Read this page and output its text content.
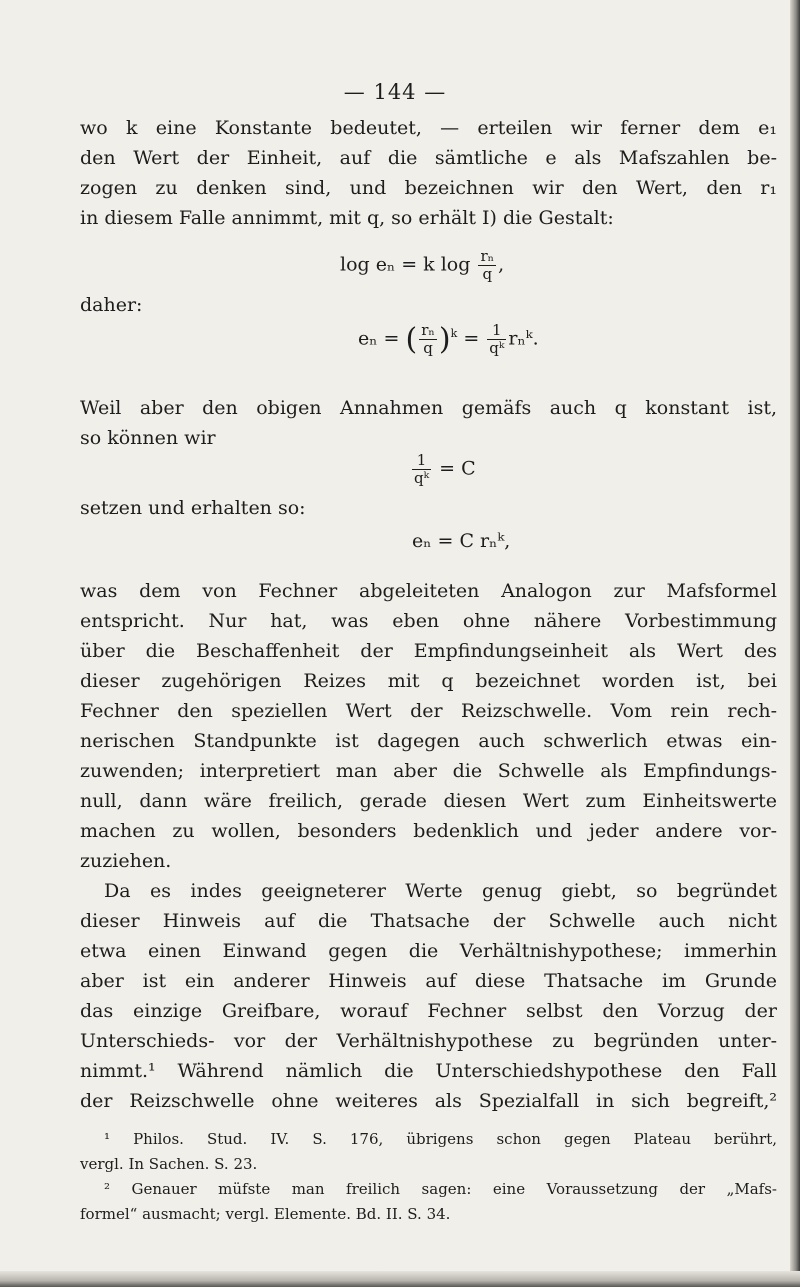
— 144 —

wo k eine Konstante bedeutet, — erteilen wir ferner dem e₁

den Wert der Einheit, auf die sämtliche e als Mafszahlen be-

zogen zu denken sind, und bezeichnen wir den Wert, den r₁

in diesem Falle annimmt, mit q, so erhält I) die Gestalt:

log eₙ = k $\log \frac{\text{rₙ}}{q}$ ,
daher:
eₙ = ( $\frac{\text{rₙ}}{q} )^k = \frac{1}{\text{qᵏ}}$ rₙᵏ.

Weil aber den obigen Annahmen gemäfs auch q konstant ist,

so können wir

$\frac{1}{\text{qᵏ}} = C$
setzen und erhalten so:
eₙ = C rₙᵏ,

was dem von Fechner abgeleiteten Analogon zur Mafsformel

entspricht. Nur hat, was eben ohne nähere Vorbestimmung

über die Beschaffenheit der Empfindungseinheit als Wert des

dieser zugehörigen Reizes mit q bezeichnet worden ist, bei

Fechner den speziellen Wert der Reizschwelle. Vom rein rech-

nerischen Standpunkte ist dagegen auch schwerlich etwas ein-

zuwenden; interpretiert man aber die Schwelle als Empfindungs-

null, dann wäre freilich, gerade diesen Wert zum Einheitswerte

machen zu wollen, besonders bedenklich und jeder andere vor-

zuziehen.

Da es indes geeigneterer Werte genug giebt, so begründet

dieser Hinweis auf die Thatsache der Schwelle auch nicht

etwa einen Einwand gegen die Verhältnishypothese; immerhin

aber ist ein anderer Hinweis auf diese Thatsache im Grunde

das einzige Greifbare, worauf Fechner selbst den Vorzug der

Unterschieds- vor der Verhältnishypothese zu begründen unter-

nimmt.¹ Während nämlich die Unterschiedshypothese den Fall

der Reizschwelle ohne weiteres als Spezialfall in sich begreift,²

¹ Philos. Stud. IV. S. 176, übrigens schon gegen Plateau berührt,

vergl. In Sachen. S. 23.

² Genauer müfste man freilich sagen: eine Voraussetzung der „Mafs-

formel“ ausmacht; vergl. Elemente. Bd. II. S. 34.
